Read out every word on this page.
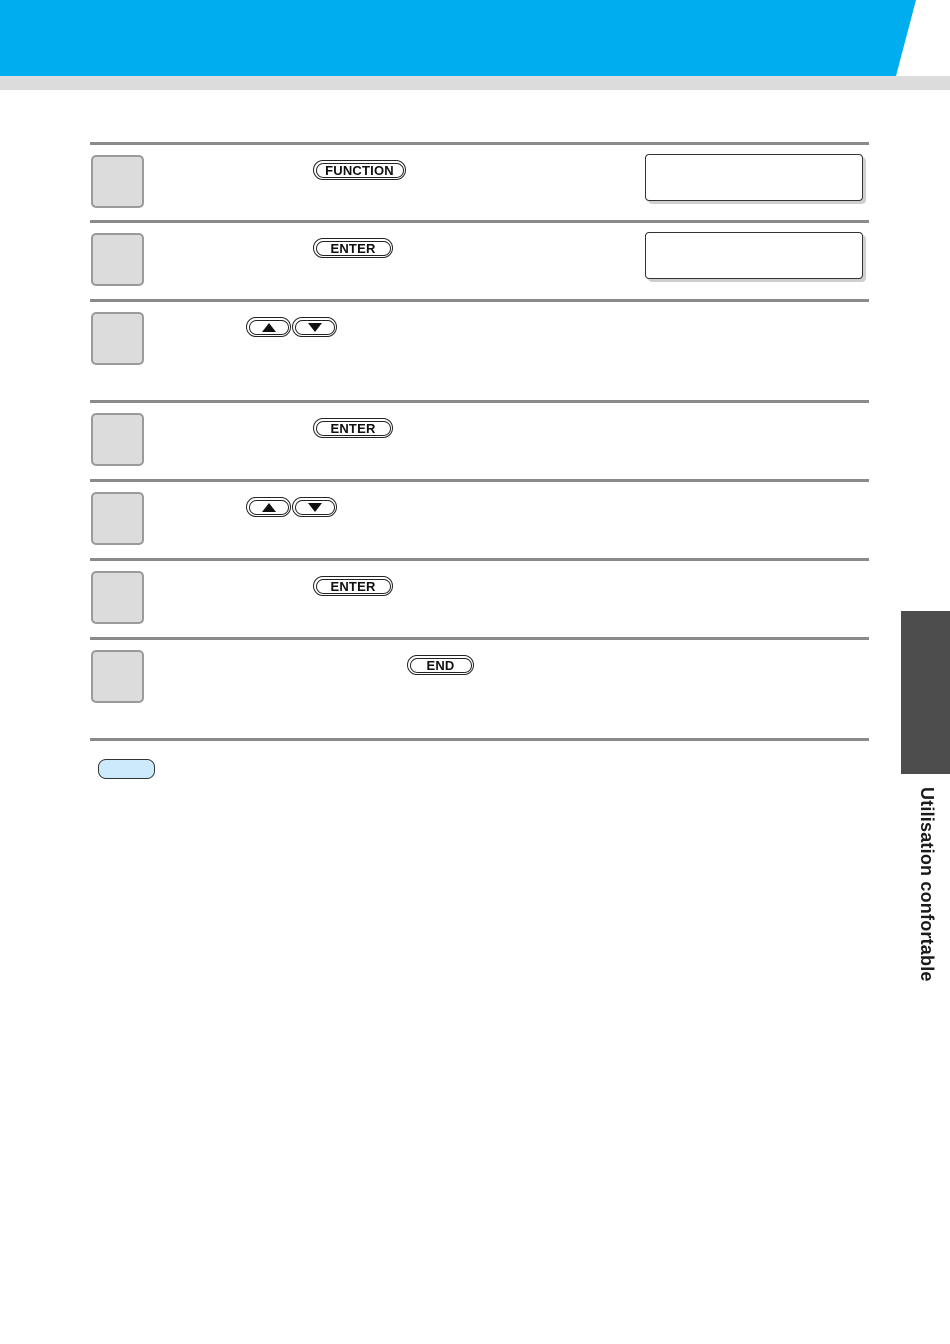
FUNCTION
ENTER
ENTER
ENTER
END
Utilisation confortable
